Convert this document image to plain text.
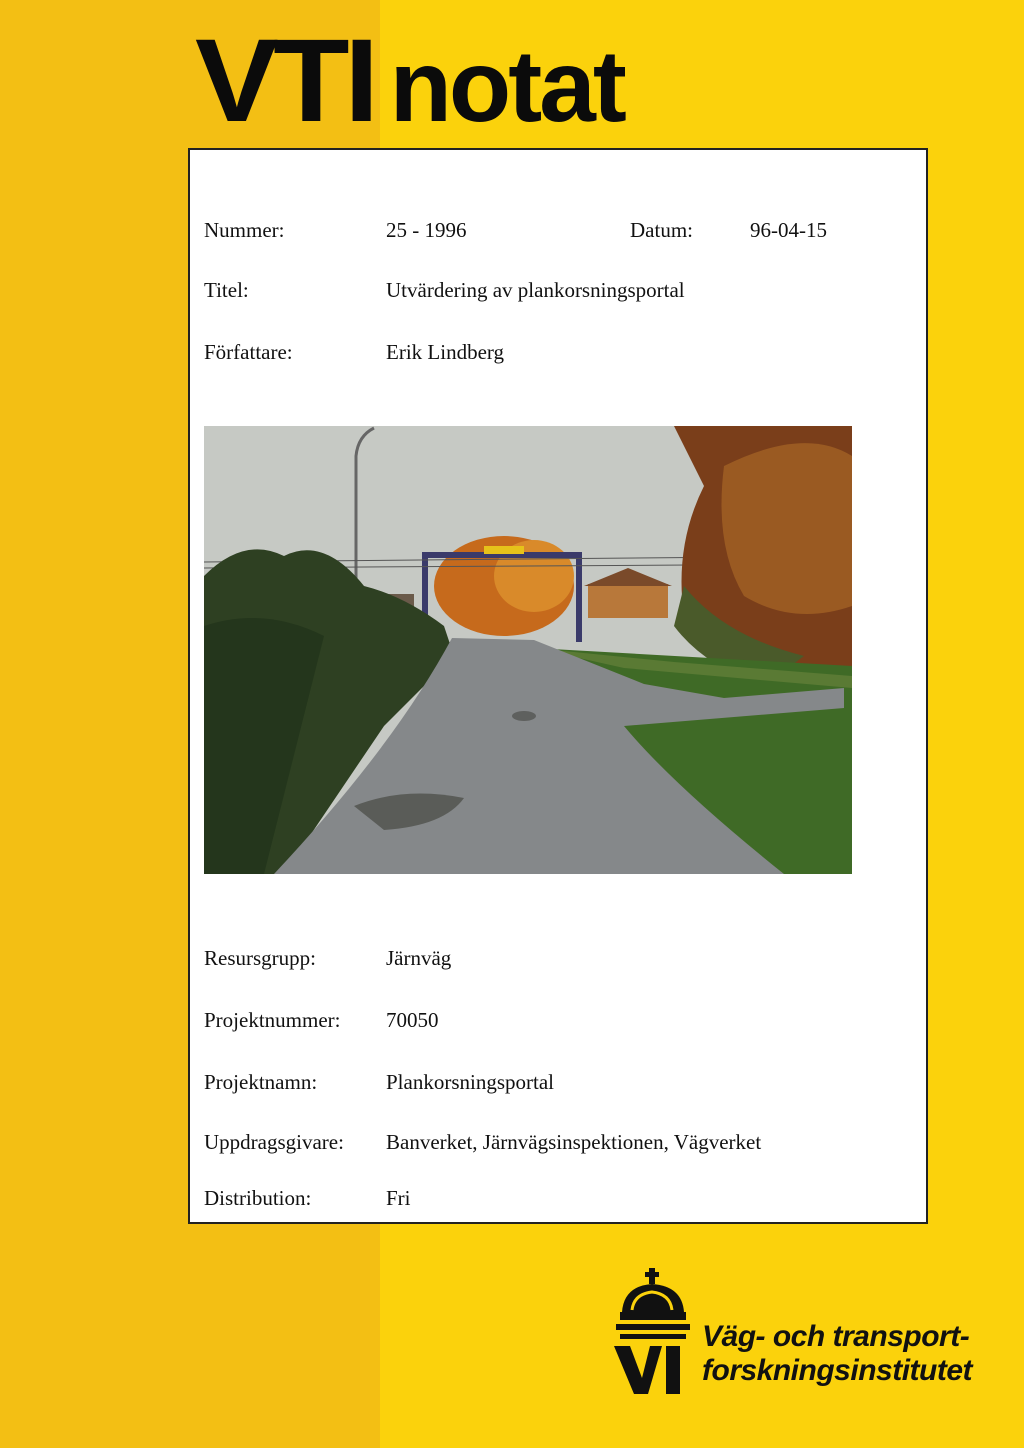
VTI notat
Nummer:	25 - 1996	Datum:	96-04-15
Titel:	Utvärdering av plankorsningsportal
Författare:	Erik Lindberg
Resursgrupp:	Järnväg
Projektnummer: 70050
Projektnamn:	Plankorsningsportal
Uppdragsgivare: Banverket, Järnvägsinspektionen, Vägverket
Distribution:	Fri
Väg- och transport-
forskningsinstitutet
